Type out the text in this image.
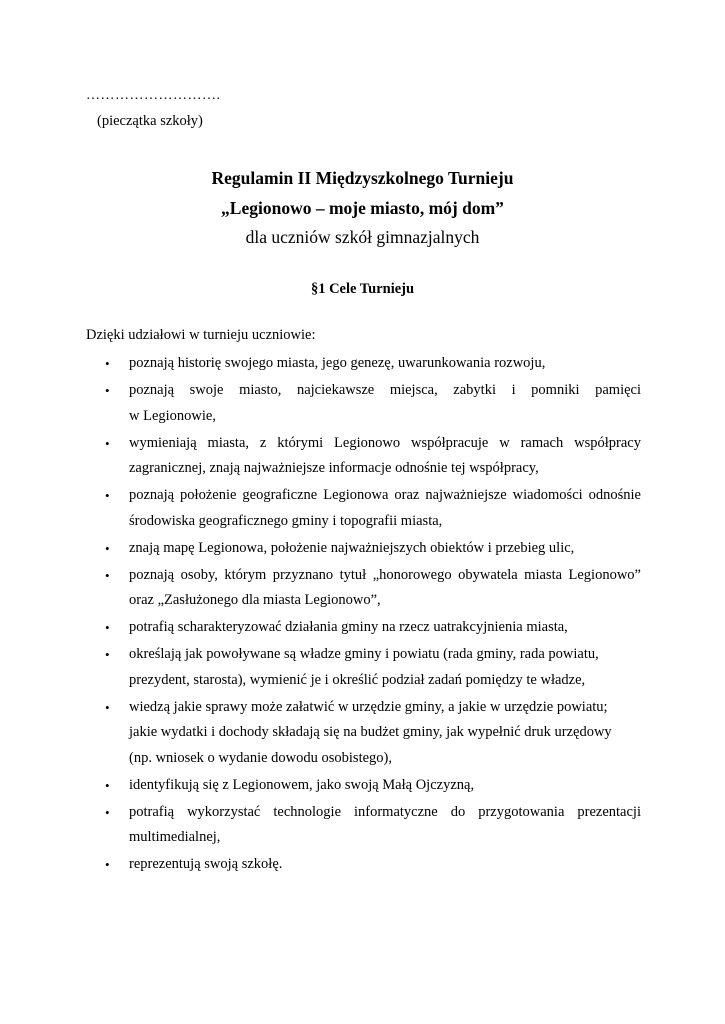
……………………….
(pieczątka szkoły)
Regulamin II Międzyszkolnego Turnieju
„Legionowo – moje miasto, mój dom”
dla uczniów szkół gimnazjalnych
§1 Cele Turnieju
Dzięki udziałowi w turnieju uczniowie:
• poznają historię swojego miasta, jego genezę, uwarunkowania rozwoju,
• poznają swoje miasto, najciekawsze miejsca, zabytki i pomniki pamięci
w Legionowie,
• wymieniają miasta, z którymi Legionowo współpracuje w ramach współpracy
zagranicznej, znają najważniejsze informacje odnośnie tej współpracy,
• poznają położenie geograficzne Legionowa oraz najważniejsze wiadomości odnośnie
środowiska geograficznego gminy i topografii miasta,
• znają mapę Legionowa, położenie najważniejszych obiektów i przebieg ulic,
• poznają osoby, którym przyznano tytuł „honorowego obywatela miasta Legionowo”
oraz „Zasłużonego dla miasta Legionowo”,
• potrafią scharakteryzować działania gminy na rzecz uatrakcyjnienia miasta,
• określają jak powoływane są władze gminy i powiatu (rada gminy, rada powiatu,
prezydent, starosta), wymienić je i określić podział zadań pomiędzy te władze,
• wiedzą jakie sprawy może załatwić w urzędzie gminy, a jakie w urzędzie powiatu;
jakie wydatki i dochody składają się na budżet gminy, jak wypełnić druk urzędowy
(np. wniosek o wydanie dowodu osobistego),
• identyfikują się z Legionowem, jako swoją Małą Ojczyzną,
• potrafią wykorzystać technologie informatyczne do przygotowania prezentacji
multimedialnej,
• reprezentują swoją szkołę.
